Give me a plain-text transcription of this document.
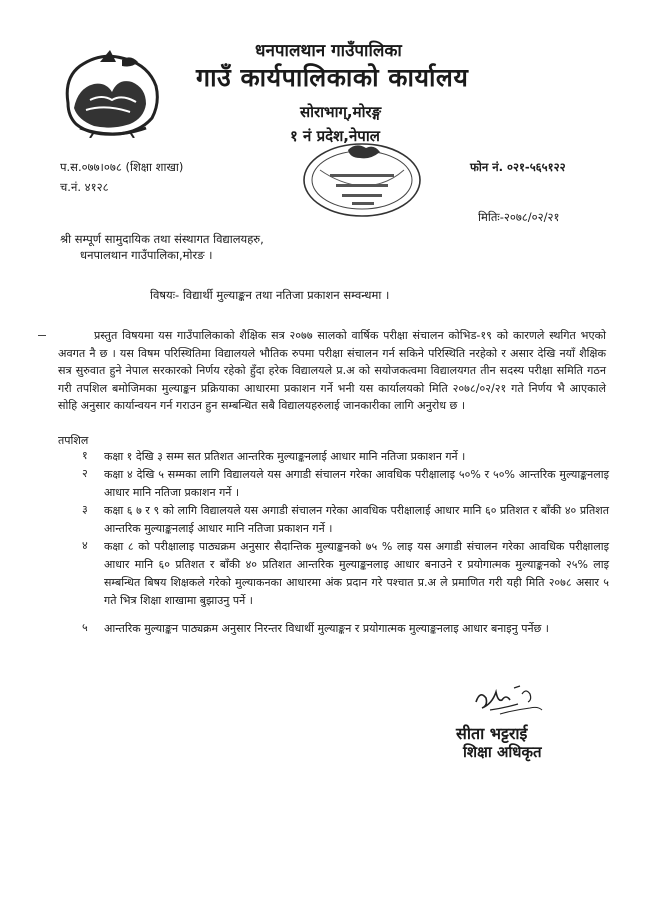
धनपालथान गाउँपालिका
गाउँ कार्यपालिकाको कार्यालय
सोराभाग्,मोरङ्ग
१ नं प्रदेश,नेपाल
प.स.०७७।०७८ (शिक्षा शाखा)
च.नं. ४१२८
फोन नं. ०२१-५६५१२२
मितिः-२०७८/०२/२१
श्री सम्पूर्ण सामुदायिक तथा संस्थागत विद्यालयहरु,
धनपालथान गाउँपालिका,मोरङ ।
विषयः- विद्यार्थी मुल्याङ्कन तथा नतिजा प्रकाशन सम्वन्धमा ।
प्रस्तुत विषयमा यस गाउँपालिकाको शैक्षिक सत्र २०७७ सालको वार्षिक परीक्षा संचालन कोभिड-१९ को कारणले स्थगित भएको अवगत नै छ । यस विषम परिस्थितिमा विद्यालयले भौतिक रुपमा परीक्षा संचालन गर्न सकिने परिस्थिति नरहेको र असार देखि नयाँ शैक्षिक सत्र सुरुवात हुने नेपाल सरकारको निर्णय रहेको हुँदा हरेक विद्यालयले प्र.अ को सयोजकत्वमा विद्यालयगत तीन सदस्य परीक्षा समिति गठन गरी तपशिल बमोजिमका मुल्याङ्कन प्रक्रियाका आधारमा प्रकाशन गर्ने भनी यस कार्यालयको मिति २०७८/०२/२१ गते निर्णय भै आएकाले सोहि अनुसार कार्यान्वयन गर्न गराउन हुन सम्बन्धित सबै विद्यालयहरुलाई जानकारीका लागि अनुरोध छ ।
तपशिल
१ कक्षा १ देखि ३ सम्म सत प्रतिशत आन्तरिक मुल्याङ्कनलाई आधार मानि नतिजा प्रकाशन गर्ने ।
२ कक्षा ४ देखि ५ सम्मका लागि विद्यालयले यस अगाडी संचालन गरेका आवधिक परीक्षालाइ ५०% र ५०% आन्तरिक मुल्याङ्कनलाइ आधार मानि नतिजा प्रकाशन गर्ने ।
३ कक्षा ६ ७ र ९ को लागि विद्यालयले यस अगाडी संचालन गरेका आवधिक परीक्षालाई आधार मानि ६० प्रतिशत र बाँकी ४० प्रतिशत आन्तरिक मुल्याङ्कनलाई आधार मानि नतिजा प्रकाशन गर्ने ।
४ कक्षा ८ को परीक्षालाइ पाठ्यक्रम अनुसार सैदान्तिक मुल्याङ्कनको ७५ % लाइ यस अगाडी संचालन गरेका आवधिक परीक्षालाइ आधार मानि ६० प्रतिशत र बाँकी ४० प्रतिशत आन्तरिक मुल्याङ्कनलाइ आधार बनाउने र प्रयोगात्मक मुल्याङ्कनको २५% लाइ सम्बन्धित बिषय शिक्षकले गरेको मुल्याकनका आधारमा अंक प्रदान गरे पश्चात प्र.अ ले प्रमाणित गरी यही मिति २०७८ असार ५ गते भित्र शिक्षा शाखामा बुझाउनु पर्ने ।
५ आन्तरिक मुल्याङ्कन पाठ्यक्रम अनुसार निरन्तर विधार्थी मुल्याङ्कन र प्रयोगात्मक मुल्याङ्कनलाइ आधार बनाइनु पर्नेछ ।
सीता भट्टराई
शिक्षा अधिकृत
